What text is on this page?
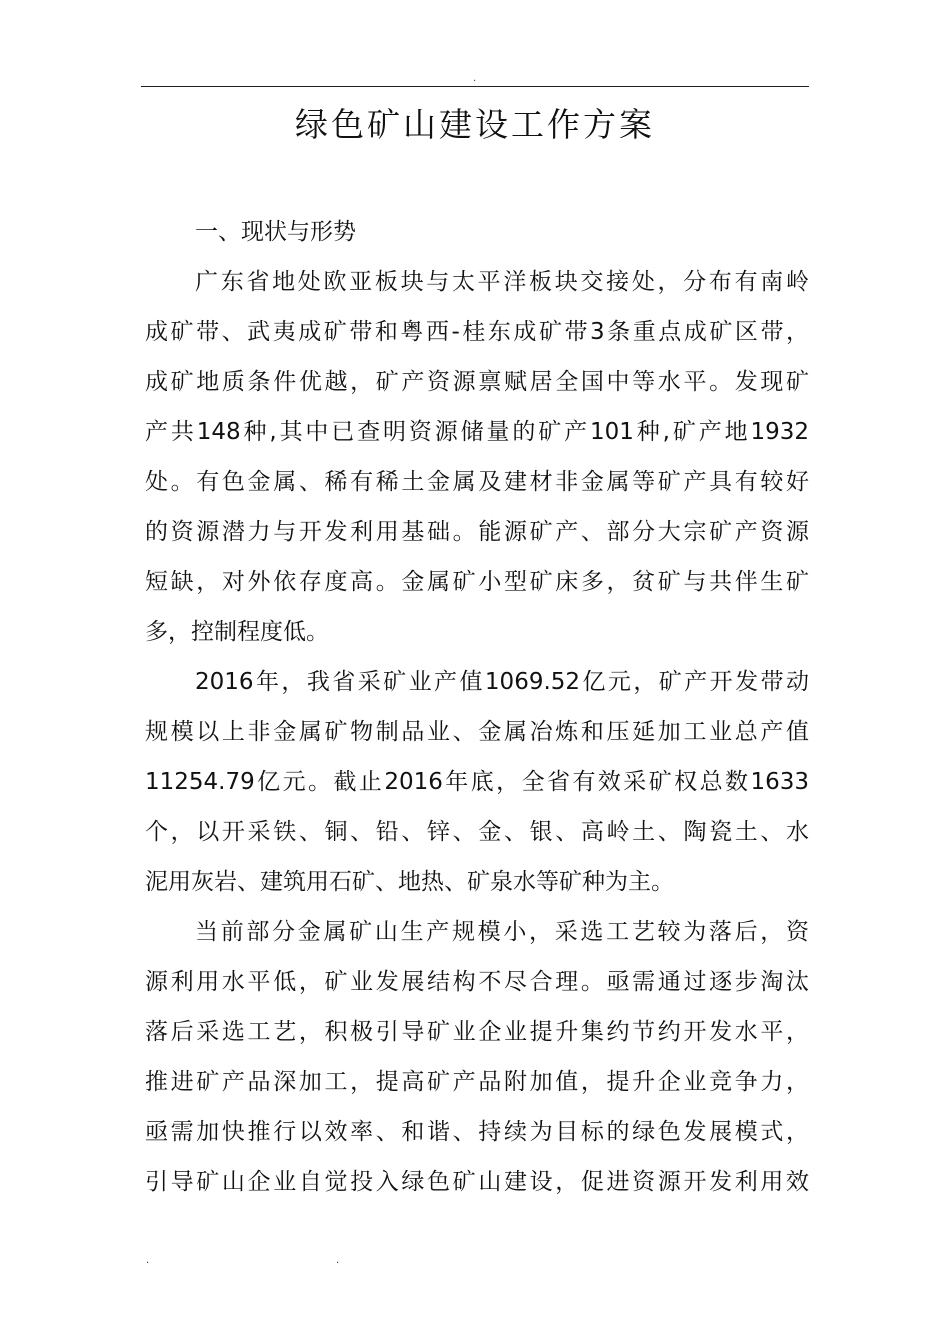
.
绿色矿山建设工作方案
一、现状与形势
广东省地处欧亚板块与太平洋板块交接处，分布有南岭
成矿带、武夷成矿带和粤西-桂东成矿带3条重点成矿区带，
成矿地质条件优越，矿产资源禀赋居全国中等水平。发现矿
产共148种,其中已查明资源储量的矿产101种,矿产地1932
处。有色金属、稀有稀土金属及建材非金属等矿产具有较好
的资源潜力与开发利用基础。能源矿产、部分大宗矿产资源
短缺，对外依存度高。金属矿小型矿床多，贫矿与共伴生矿
多，控制程度低。
2016年，我省采矿业产值1069.52亿元，矿产开发带动
规模以上非金属矿物制品业、金属冶炼和压延加工业总产值
11254.79亿元。截止2016年底，全省有效采矿权总数1633
个，以开采铁、铜、铅、锌、金、银、高岭土、陶瓷土、水
泥用灰岩、建筑用石矿、地热、矿泉水等矿种为主。
当前部分金属矿山生产规模小，采选工艺较为落后，资
源利用水平低，矿业发展结构不尽合理。亟需通过逐步淘汰
落后采选工艺，积极引导矿业企业提升集约节约开发水平，
推进矿产品深加工，提高矿产品附加值，提升企业竞争力，
亟需加快推行以效率、和谐、持续为目标的绿色发展模式，
引导矿山企业自觉投入绿色矿山建设，促进资源开发利用效
.	.
